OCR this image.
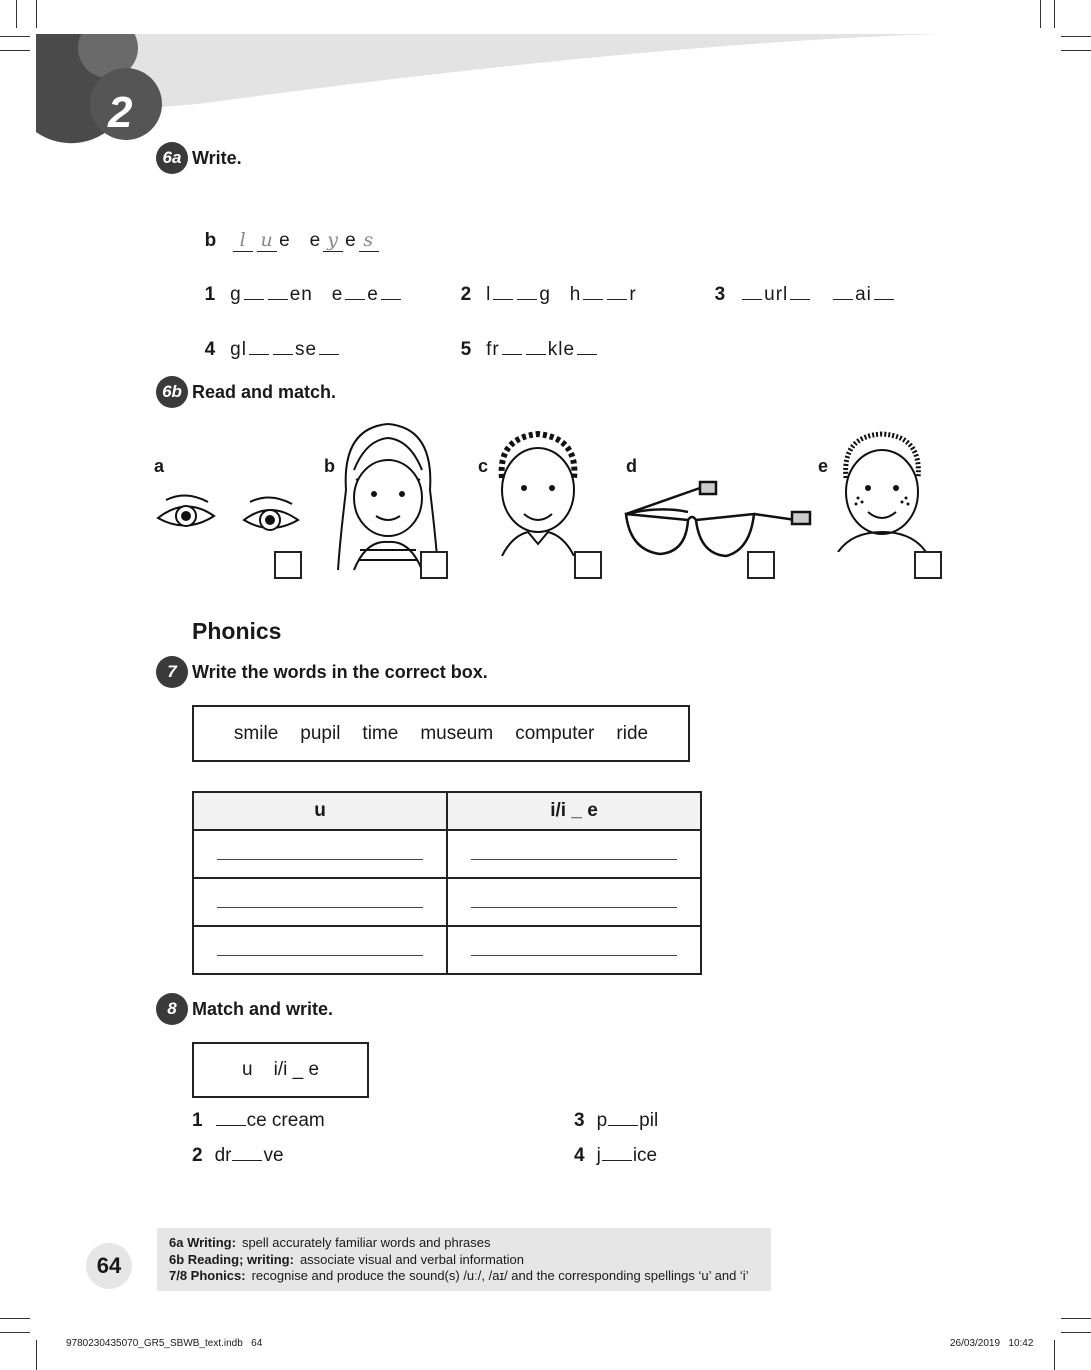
2
6a Write.

b l u e e y e s

1 g	en e e	2 l	g h	r	3 url	ai

4 gl	se	5 fr	kle

6b Read and match.
a	b	c	d	e
Phonics
7 Write the words in the correct box.
smile pupil time museum computer ride
u	i/i _ e

8 Match and write.
u    i/i _ e
1 ce cream
2 dr ve
3 p pil
4 j ice
64
6a Writing: spell accurately familiar words and phrases
6b Reading; writing: associate visual and verbal information
7/8 Phonics: recognise and produce the sound(s) /uː/, /aɪ/ and the corresponding spellings ‘u’ and ‘i’
9780230435070_GR5_SBWB_text.indb   64	26/03/2019   10:42
